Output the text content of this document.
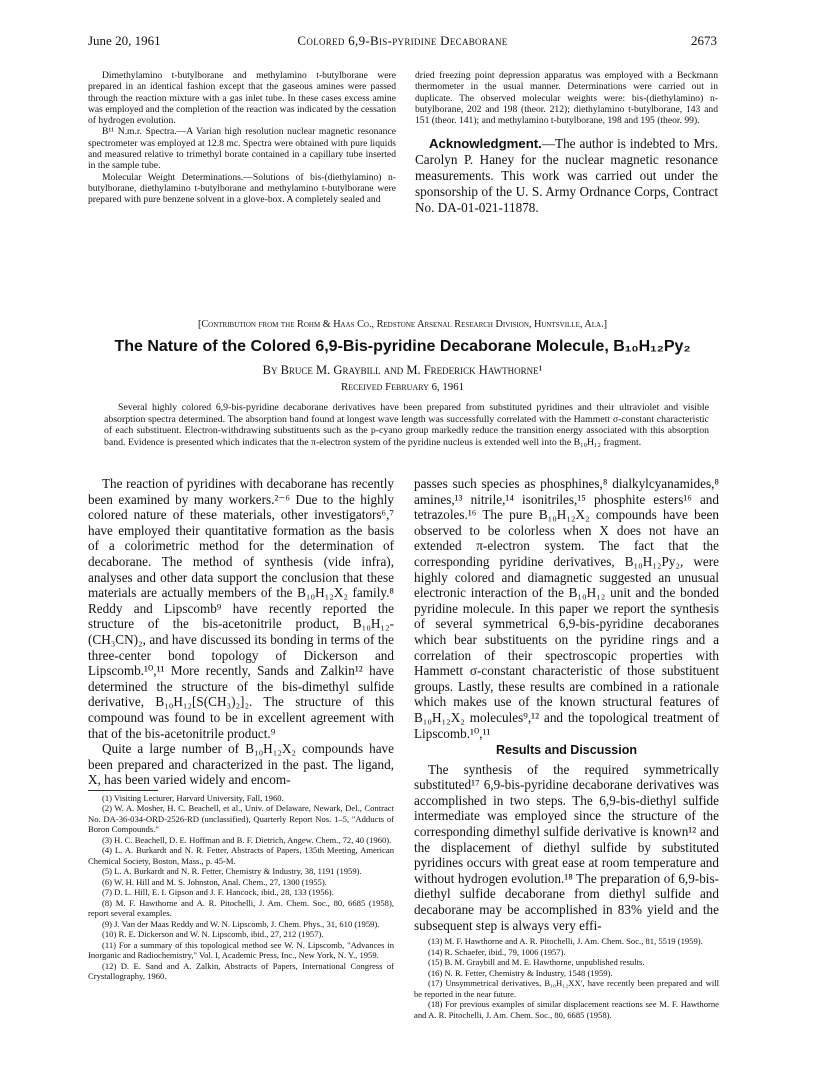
June 20, 1961	Colored 6,9-Bis-pyridine Decaborane	2673

Dimethylamino t-butylborane and methylamino t-butylborane were prepared in an identical fashion except that the gaseous amines were passed through the reaction mixture with a gas inlet tube. In these cases excess amine was employed and the completion of the reaction was indicated by the cessation of hydrogen evolution.

B¹¹ N.m.r. Spectra.—A Varian high resolution nuclear magnetic resonance spectrometer was employed at 12.8 mc. Spectra were obtained with pure liquids and measured relative to trimethyl borate contained in a capillary tube inserted in the sample tube.

Molecular Weight Determinations.—Solutions of bis-(diethylamino) n-butylborane, diethylamino t-butylborane and methylamino t-butylborane were prepared with pure benzene solvent in a glove-box. A completely sealed and

dried freezing point depression apparatus was employed with a Beckmann thermometer in the usual manner. Determinations were carried out in duplicate. The observed molecular weights were: bis-(diethylamino) n-butylborane, 202 and 198 (theor. 212); diethylamino t-butylborane, 143 and 151 (theor. 141); and methylamino t-butylborane, 198 and 195 (theor. 99).

Acknowledgment.—The author is indebted to Mrs. Carolyn P. Haney for the nuclear magnetic resonance measurements. This work was carried out under the sponsorship of the U. S. Army Ordnance Corps, Contract No. DA-01-021-11878.

[Contribution from the Rohm & Haas Co., Redstone Arsenal Research Division, Huntsville, Ala.]
The Nature of the Colored 6,9-Bis-pyridine Decaborane Molecule, B₁₀H₁₂Py₂
By Bruce M. Graybill and M. Frederick Hawthorne¹
Received February 6, 1961
Several highly colored 6,9-bis-pyridine decaborane derivatives have been prepared from substituted pyridines and their ultraviolet and visible absorption spectra determined. The absorption band found at longest wave length was successfully correlated with the Hammett σ-constant characteristic of each substituent. Electron-withdrawing substituents such as the p-cyano group markedly reduce the transition energy associated with this absorption band. Evidence is presented which indicates that the π-electron system of the pyridine nucleus is extended well into the B₁₀H₁₂ fragment.

The reaction of pyridines with decaborane has recently been examined by many workers.²⁻⁶ Due to the highly colored nature of these materials, other investigators⁶,⁷ have employed their quantitative formation as the basis of a colorimetric method for the determination of decaborane. The method of synthesis (vide infra), analyses and other data support the conclusion that these materials are actually members of the B₁₀H₁₂X₂ family.⁸ Reddy and Lipscomb⁹ have recently reported the structure of the bis-acetonitrile product, B₁₀H₁₂-(CH₃CN)₂, and have discussed its bonding in terms of the three-center bond topology of Dickerson and Lipscomb.¹⁰,¹¹ More recently, Sands and Zalkin¹² have determined the structure of the bis-dimethyl sulfide derivative, B₁₀H₁₂[S(CH₃)₂]₂. The structure of this compound was found to be in excellent agreement with that of the bis-acetonitrile product.⁹

Quite a large number of B₁₀H₁₂X₂ compounds have been prepared and characterized in the past. The ligand, X, has been varied widely and encom-

(1) Visiting Lecturer, Harvard University, Fall, 1960.

(2) W. A. Mosher, H. C. Beachell, et al., Univ. of Delaware, Newark, Del., Contract No. DA-36-034-ORD-2526-RD (unclassified), Quarterly Report Nos. 1–5, "Adducts of Boron Compounds."

(3) H. C. Beachell, D. E. Hoffman and B. F. Dietrich, Angew. Chem., 72, 40 (1960).

(4) L. A. Burkardt and N. R. Fetter, Abstracts of Papers, 135th Meeting, American Chemical Society, Boston, Mass., p. 45-M.

(5) L. A. Burkardt and N. R. Fetter, Chemistry & Industry, 38, 1191 (1959).

(6) W. H. Hill and M. S. Johnston, Anal. Chem., 27, 1300 (1955).

(7) D. L. Hill, E. I. Gipson and J. F. Hancock, ibid., 28, 133 (1956).

(8) M. F. Hawthorne and A. R. Pitochelli, J. Am. Chem. Soc., 80, 6685 (1958), report several examples.

(9) J. Van der Maas Reddy and W. N. Lipscomb, J. Chem. Phys., 31, 610 (1959).

(10) R. E. Dickerson and W. N. Lipscomb, ibid., 27, 212 (1957).

(11) For a summary of this topological method see W. N. Lipscomb, "Advances in Inorganic and Radiochemistry," Vol. I, Academic Press, Inc., New York, N. Y., 1959.

(12) D. E. Sand and A. Zalkin, Abstracts of Papers, International Congress of Crystallography, 1960.

passes such species as phosphines,⁸ dialkylcyanamides,⁸ amines,¹³ nitrile,¹⁴ isonitriles,¹⁵ phosphite esters¹⁶ and tetrazoles.¹⁶ The pure B₁₀H₁₂X₂ compounds have been observed to be colorless when X does not have an extended π-electron system. The fact that the corresponding pyridine derivatives, B₁₀H₁₂Py₂, were highly colored and diamagnetic suggested an unusual electronic interaction of the B₁₀H₁₂ unit and the bonded pyridine molecule. In this paper we report the synthesis of several symmetrical 6,9-bis-pyridine decaboranes which bear substituents on the pyridine rings and a correlation of their spectroscopic properties with Hammett σ-constant characteristic of those substituent groups. Lastly, these results are combined in a rationale which makes use of the known structural features of B₁₀H₁₂X₂ molecules⁹,¹² and the topological treatment of Lipscomb.¹⁰,¹¹

Results and Discussion

The synthesis of the required symmetrically substituted¹⁷ 6,9-bis-pyridine decaborane derivatives was accomplished in two steps. The 6,9-bis-diethyl sulfide intermediate was employed since the structure of the corresponding dimethyl sulfide derivative is known¹² and the displacement of diethyl sulfide by substituted pyridines occurs with great ease at room temperature and without hydrogen evolution.¹⁸ The preparation of 6,9-bis-diethyl sulfide decaborane from diethyl sulfide and decaborane may be accomplished in 83% yield and the subsequent step is always very effi-

(13) M. F. Hawthorne and A. R. Pitochelli, J. Am. Chem. Soc., 81, 5519 (1959).

(14) R. Schaefer, ibid., 79, 1006 (1957).

(15) B. M. Graybill and M. E. Hawthorne, unpublished results.

(16) N. R. Fetter, Chemistry & Industry, 1548 (1959).

(17) Unsymmetrical derivatives, B₁₀H₁₂XX′, have recently been prepared and will be reported in the near future.

(18) For previous examples of similar displacement reactions see M. F. Hawthorne and A. R. Pitochelli, J. Am. Chem. Soc., 80, 6685 (1958).
